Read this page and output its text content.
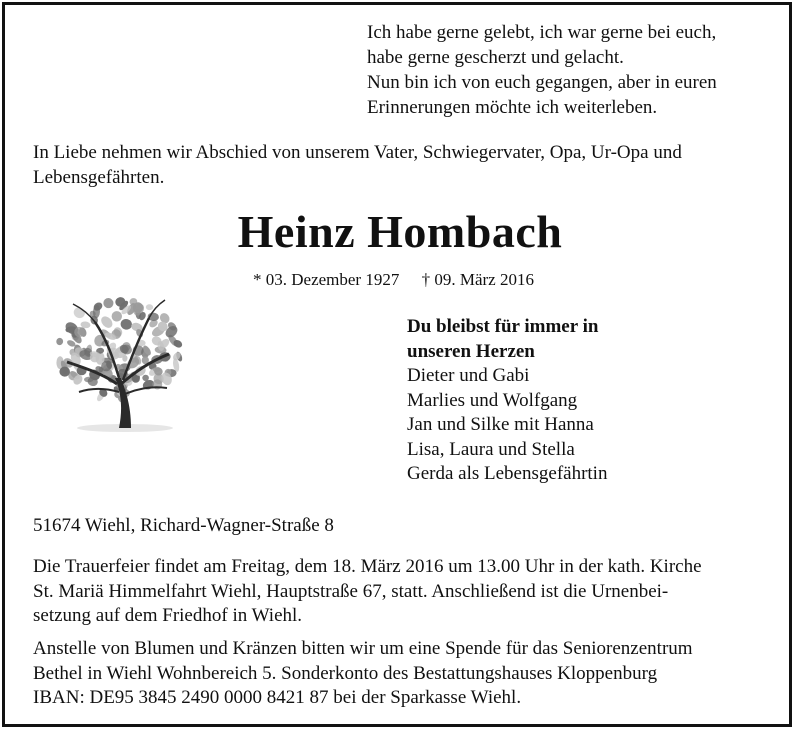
Ich habe gerne gelebt, ich war gerne bei euch,
habe gerne gescherzt und gelacht.
Nun bin ich von euch gegangen, aber in euren
Erinnerungen möchte ich weiterleben.
In Liebe nehmen wir Abschied von unserem Vater, Schwiegervater, Opa, Ur-Opa und
Lebensgefährten.
Heinz Hombach
* 03. Dezember 1927 † 09. März 2016
Du bleibst für immer in
unseren Herzen
Dieter und Gabi
Marlies und Wolfgang
Jan und Silke mit Hanna
Lisa, Laura und Stella
Gerda als Lebensgefährtin
51674 Wiehl, Richard-Wagner-Straße 8
Die Trauerfeier findet am Freitag, dem 18. März 2016 um 13.00 Uhr in der kath. Kirche
St. Mariä Himmelfahrt Wiehl, Hauptstraße 67, statt. Anschließend ist die Urnenbei-
setzung auf dem Friedhof in Wiehl.
Anstelle von Blumen und Kränzen bitten wir um eine Spende für das Seniorenzentrum
Bethel in Wiehl Wohnbereich 5. Sonderkonto des Bestattungshauses Kloppenburg
IBAN: DE95 3845 2490 0000 8421 87 bei der Sparkasse Wiehl.
